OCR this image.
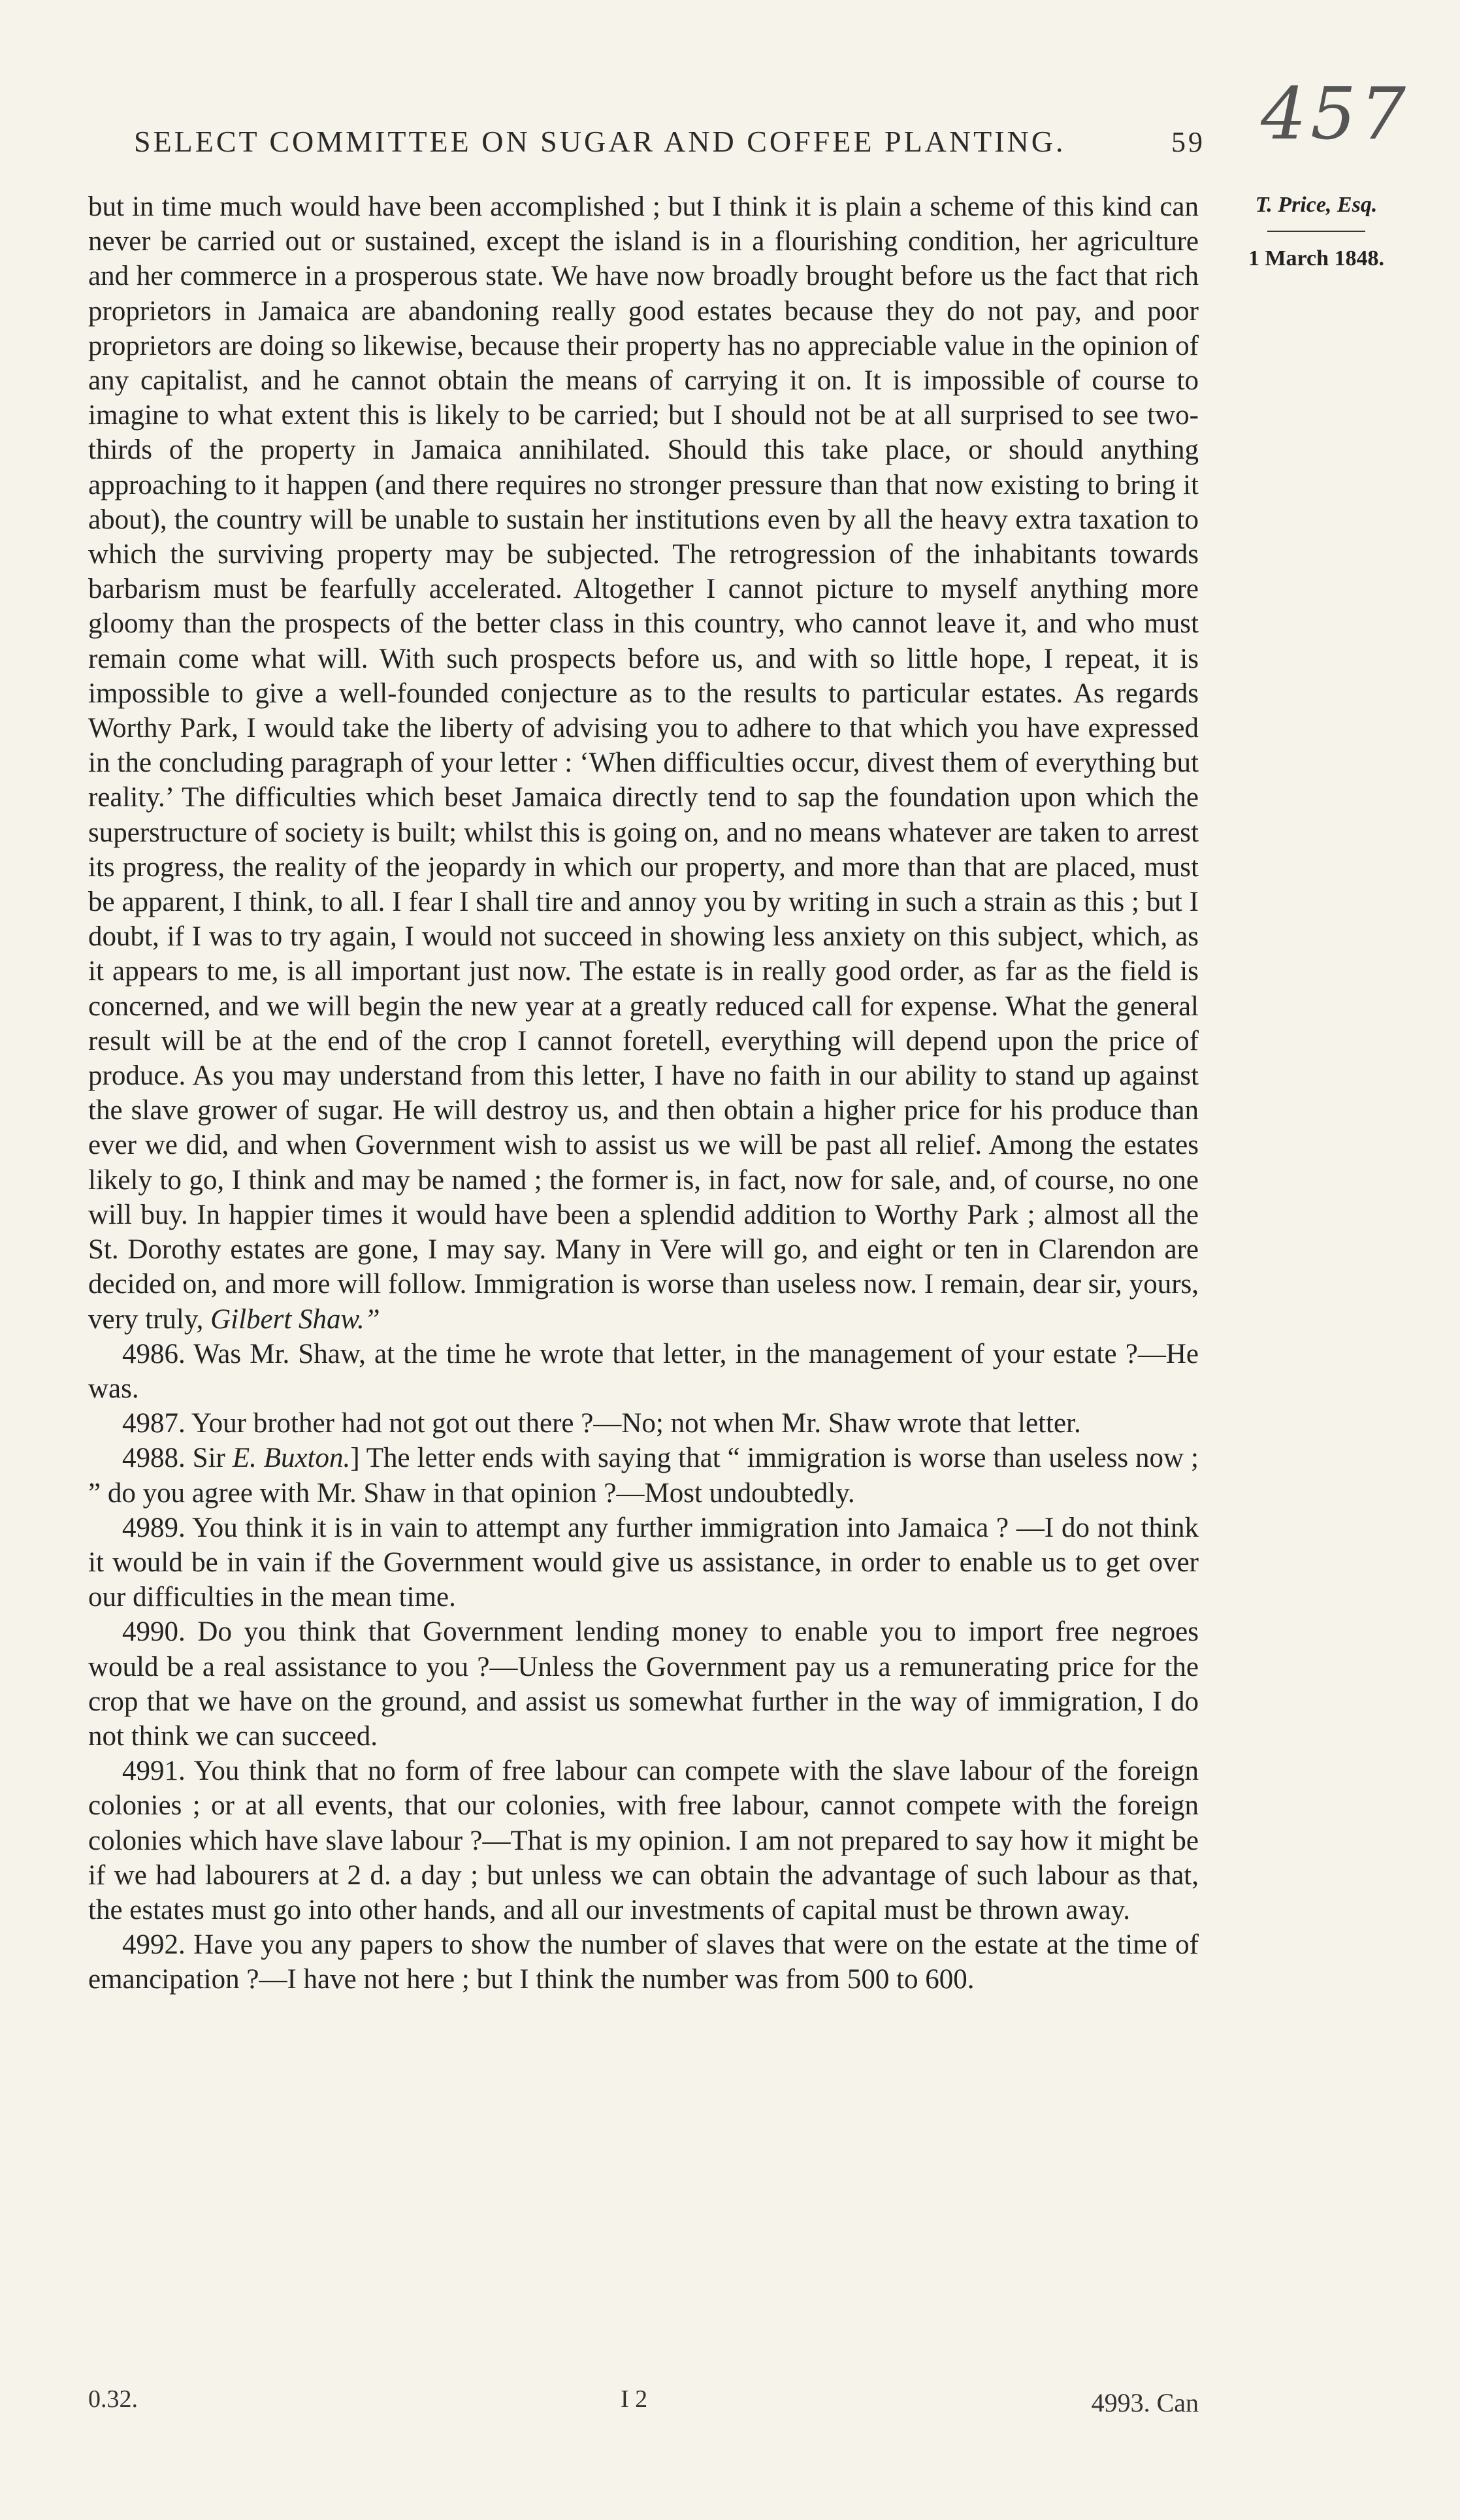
SELECT COMMITTEE ON SUGAR AND COFFEE PLANTING.	59 457
T. Price, Esq.
1 March 1848.

but in time much would have been accomplished ; but I think it is plain a scheme of this kind can never be carried out or sustained, except the island is in a flourishing condition, her agriculture and her commerce in a prosperous state. We have now broadly brought before us the fact that rich proprietors in Jamaica are abandoning really good estates because they do not pay, and poor proprietors are doing so likewise, because their property has no appreciable value in the opinion of any capitalist, and he cannot obtain the means of carrying it on. It is impossible of course to imagine to what extent this is likely to be carried; but I should not be at all surprised to see two-thirds of the property in Jamaica annihilated. Should this take place, or should anything approaching to it happen (and there requires no stronger pressure than that now existing to bring it about), the country will be unable to sustain her institutions even by all the heavy extra taxation to which the surviving property may be subjected. The retrogression of the inhabitants towards barbarism must be fearfully accelerated. Altogether I cannot picture to myself anything more gloomy than the prospects of the better class in this country, who cannot leave it, and who must remain come what will. With such prospects before us, and with so little hope, I repeat, it is impossible to give a well-founded conjecture as to the results to particular estates. As regards Worthy Park, I would take the liberty of advising you to adhere to that which you have expressed in the concluding paragraph of your letter : ‘When difficulties occur, divest them of everything but reality.’ The difficulties which beset Jamaica directly tend to sap the foundation upon which the superstructure of society is built; whilst this is going on, and no means whatever are taken to arrest its progress, the reality of the jeopardy in which our property, and more than that are placed, must be apparent, I think, to all. I fear I shall tire and annoy you by writing in such a strain as this ; but I doubt, if I was to try again, I would not succeed in showing less anxiety on this subject, which, as it appears to me, is all important just now. The estate is in really good order, as far as the field is concerned, and we will begin the new year at a greatly reduced call for expense. What the general result will be at the end of the crop I cannot foretell, everything will depend upon the price of produce. As you may understand from this letter, I have no faith in our ability to stand up against the slave grower of sugar. He will destroy us, and then obtain a higher price for his produce than ever we did, and when Government wish to assist us we will be past all relief. Among the estates likely to go, I think and may be named ; the former is, in fact, now for sale, and, of course, no one will buy. In happier times it would have been a splendid addition to Worthy Park ; almost all the St. Dorothy estates are gone, I may say. Many in Vere will go, and eight or ten in Clarendon are decided on, and more will follow. Immigration is worse than useless now. I remain, dear sir, yours, very truly, Gilbert Shaw.”

4986. Was Mr. Shaw, at the time he wrote that letter, in the management of your estate ?—He was.

4987. Your brother had not got out there ?—No; not when Mr. Shaw wrote that letter.

4988. Sir E. Buxton.] The letter ends with saying that “ immigration is worse than useless now ; ” do you agree with Mr. Shaw in that opinion ?—Most undoubtedly.

4989. You think it is in vain to attempt any further immigration into Jamaica ? —I do not think it would be in vain if the Government would give us assistance, in order to enable us to get over our difficulties in the mean time.

4990. Do you think that Government lending money to enable you to import free negroes would be a real assistance to you ?—Unless the Government pay us a remunerating price for the crop that we have on the ground, and assist us somewhat further in the way of immigration, I do not think we can succeed.

4991. You think that no form of free labour can compete with the slave labour of the foreign colonies ; or at all events, that our colonies, with free labour, cannot compete with the foreign colonies which have slave labour ?—That is my opinion. I am not prepared to say how it might be if we had labourers at 2 d. a day ; but unless we can obtain the advantage of such labour as that, the estates must go into other hands, and all our investments of capital must be thrown away.

4992. Have you any papers to show the number of slaves that were on the estate at the time of emancipation ?—I have not here ; but I think the number was from 500 to 600.

0.32.	I 2	4993. Can
